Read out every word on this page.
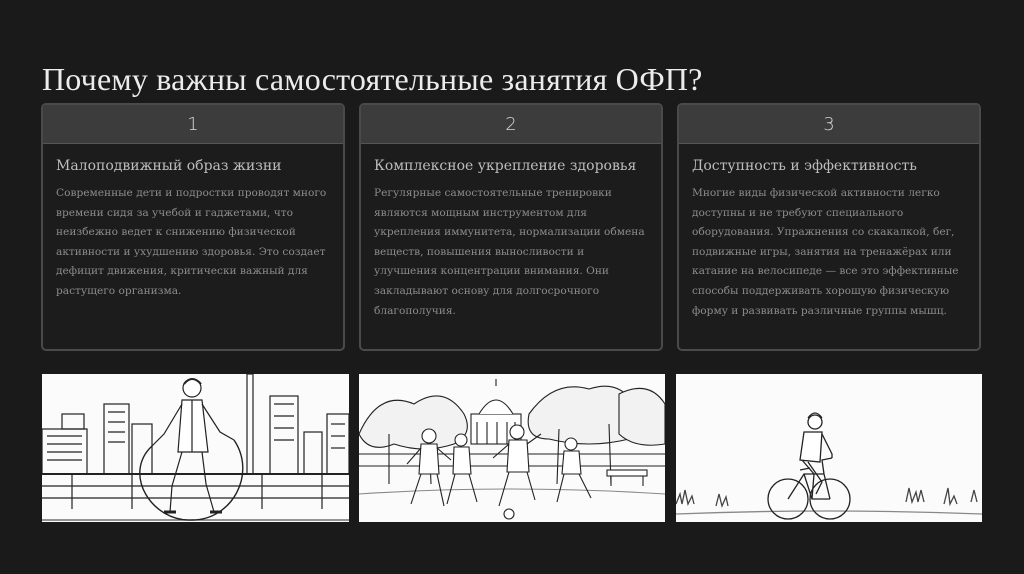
Почему важны самостоятельные занятия ОФП?
1
Малоподвижный образ жизни
Современные дети и подростки проводят много времени сидя за учебой и гаджетами, что неизбежно ведет к снижению физической активности и ухудшению здоровья. Это создает дефицит движения, критически важный для растущего организма.
2
Комплексное укрепление здоровья
Регулярные самостоятельные тренировки являются мощным инструментом для укрепления иммунитета, нормализации обмена веществ, повышения выносливости и улучшения концентрации внимания. Они закладывают основу для долгосрочного благополучия.
3
Доступность и эффективность
Многие виды физической активности легко доступны и не требуют специального оборудования. Упражнения со скакалкой, бег, подвижные игры, занятия на тренажёрах или катание на велосипеде — все это эффективные способы поддерживать хорошую физическую форму и развивать различные группы мышц.
